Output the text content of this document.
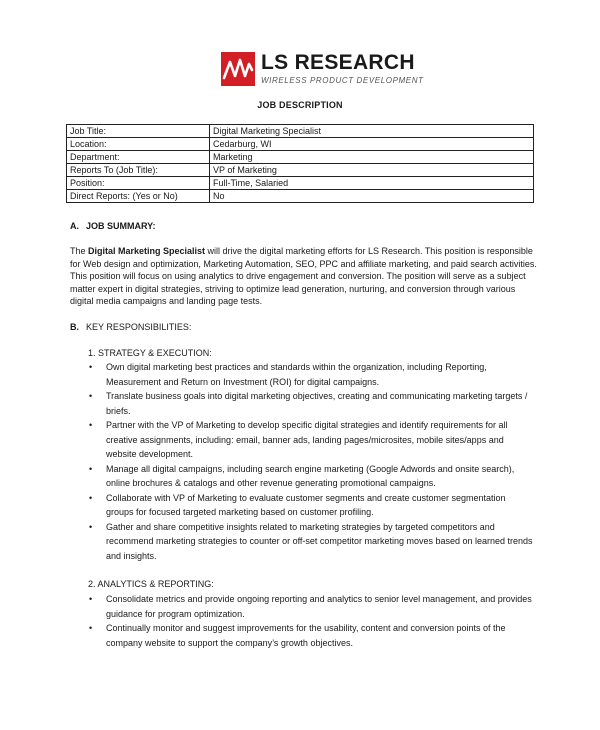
LS RESEARCH
WIRELESS PRODUCT DEVELOPMENT
JOB DESCRIPTION
Job Title:	Digital Marketing Specialist
Location:	Cedarburg, WI
Department:	Marketing
Reports To (Job Title):	VP of Marketing
Position:	Full-Time, Salaried
Direct Reports: (Yes or No)	No
A. JOB SUMMARY:
The Digital Marketing Specialist will drive the digital marketing efforts for LS Research. This position is responsible for Web design and optimization, Marketing Automation, SEO, PPC and affiliate marketing, and paid search activities. This position will focus on using analytics to drive engagement and conversion. The position will serve as a subject matter expert in digital strategies, striving to optimize lead generation, nurturing, and conversion through various digital media campaigns and landing page tests.
B. KEY RESPONSIBILITIES:
1. STRATEGY & EXECUTION:
• Own digital marketing best practices and standards within the organization, including Reporting, Measurement and Return on Investment (ROI) for digital campaigns.
• Translate business goals into digital marketing objectives, creating and communicating marketing targets / briefs.
• Partner with the VP of Marketing to develop specific digital strategies and identify requirements for all creative assignments, including: email, banner ads, landing pages/microsites, mobile sites/apps and website development.
• Manage all digital campaigns, including search engine marketing (Google Adwords and onsite search), online brochures & catalogs and other revenue generating promotional campaigns.
• Collaborate with VP of Marketing to evaluate customer segments and create customer segmentation groups for focused targeted marketing based on customer profiling.
• Gather and share competitive insights related to marketing strategies by targeted competitors and recommend marketing strategies to counter or off-set competitor marketing moves based on learned trends and insights.
2. ANALYTICS & REPORTING:
• Consolidate metrics and provide ongoing reporting and analytics to senior level management, and provides guidance for program optimization.
• Continually monitor and suggest improvements for the usability, content and conversion points of the company website to support the company’s growth objectives.
